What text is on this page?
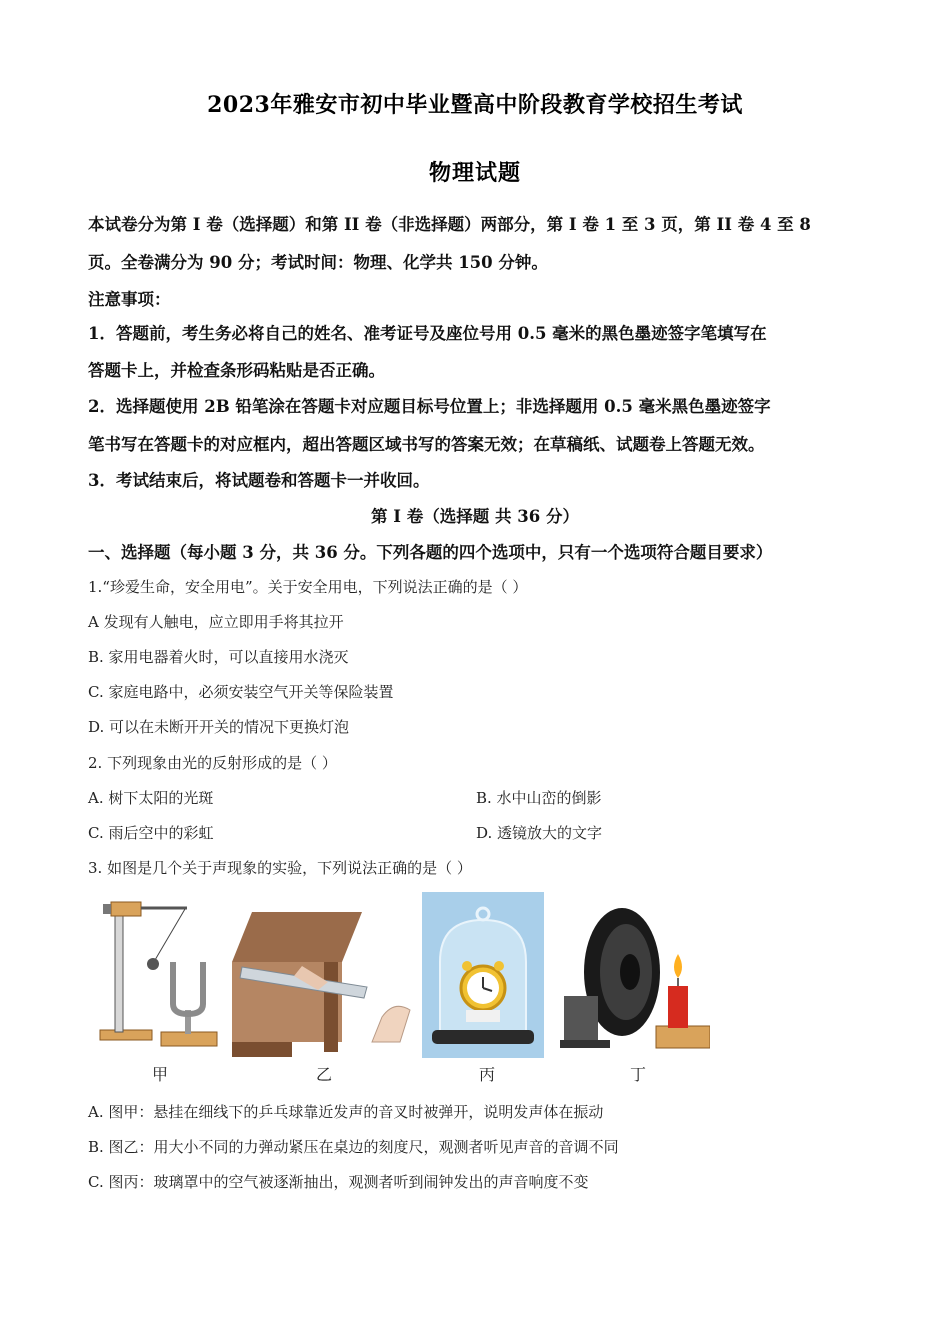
2023年雅安市初中毕业暨高中阶段教育学校招生考试
物理试题
本试卷分为第 I 卷（选择题）和第 II 卷（非选择题）两部分，第 I 卷 1 至 3 页，第 II 卷 4 至 8
页。全卷满分为 90 分；考试时间：物理、化学共 150 分钟。
注意事项：
1．答题前，考生务必将自己的姓名、准考证号及座位号用 0.5 毫米的黑色墨迹签字笔填写在
答题卡上，并检查条形码粘贴是否正确。
2．选择题使用 2B 铅笔涂在答题卡对应题目标号位置上；非选择题用 0.5 毫米黑色墨迹签字
笔书写在答题卡的对应框内，超出答题区域书写的答案无效；在草稿纸、试题卷上答题无效。
3．考试结束后，将试题卷和答题卡一并收回。
第 I 卷（选择题 共 36 分）
一、选择题（每小题 3 分，共 36 分。下列各题的四个选项中，只有一个选项符合题目要求）
1.“珍爱生命，安全用电”。关于安全用电，下列说法正确的是（ ）
A 发现有人触电，应立即用手将其拉开
B. 家用电器着火时，可以直接用水浇灭
C. 家庭电路中，必须安装空气开关等保险装置
D. 可以在未断开开关的情况下更换灯泡
2. 下列现象由光的反射形成的是（ ）
A. 树下太阳的光斑	B. 水中山峦的倒影
C. 雨后空中的彩虹	D. 透镜放大的文字
3. 如图是几个关于声现象的实验，下列说法正确的是（ ）
甲	乙	丙	丁
A. 图甲：悬挂在细线下的乒乓球靠近发声的音叉时被弹开，说明发声体在振动
B. 图乙：用大小不同的力弹动紧压在桌边的刻度尺，观测者听见声音的音调不同
C. 图丙：玻璃罩中的空气被逐渐抽出，观测者听到闹钟发出的声音响度不变
